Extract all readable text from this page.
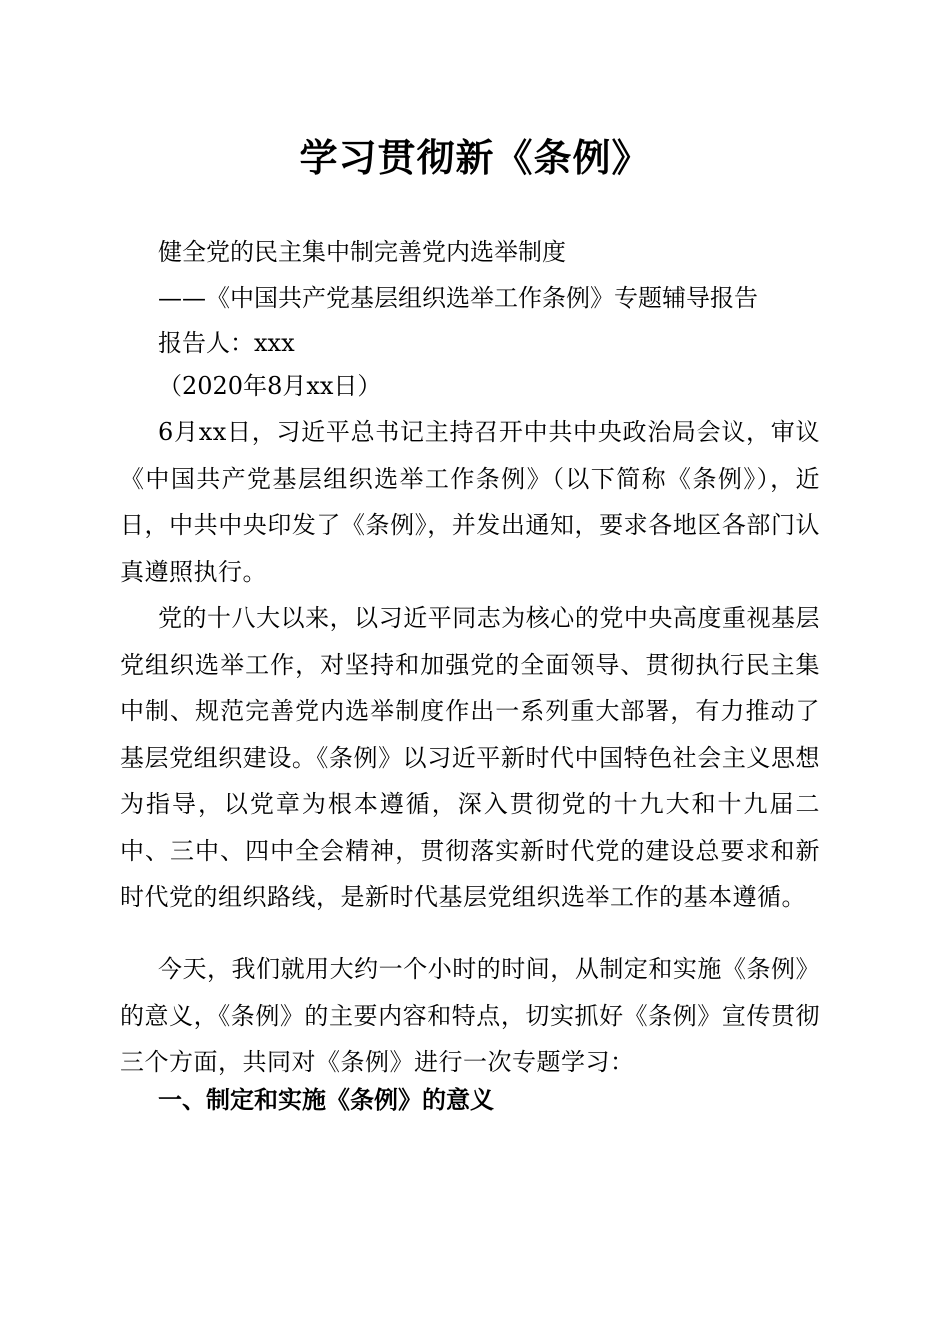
学习贯彻新《条例》

健全党的民主集中制完善党内选举制度

——《中国共产党基层组织选举工作条例》专题辅导报告

报告人：xxx

（2020年8月xx日）

6月xx日，习近平总书记主持召开中共中央政治局会议，审议《中国共产党基层组织选举工作条例》（以下简称《条例》），近日，中共中央印发了《条例》，并发出通知，要求各地区各部门认真遵照执行。

党的十八大以来，以习近平同志为核心的党中央高度重视基层党组织选举工作，对坚持和加强党的全面领导、贯彻执行民主集中制、规范完善党内选举制度作出一系列重大部署，有力推动了基层党组织建设。《条例》以习近平新时代中国特色社会主义思想为指导，以党章为根本遵循，深入贯彻党的十九大和十九届二中、三中、四中全会精神，贯彻落实新时代党的建设总要求和新时代党的组织路线，是新时代基层党组织选举工作的基本遵循。

今天，我们就用大约一个小时的时间，从制定和实施《条例》的意义，《条例》的主要内容和特点，切实抓好《条例》宣传贯彻三个方面，共同对《条例》进行一次专题学习：

一、制定和实施《条例》的意义
